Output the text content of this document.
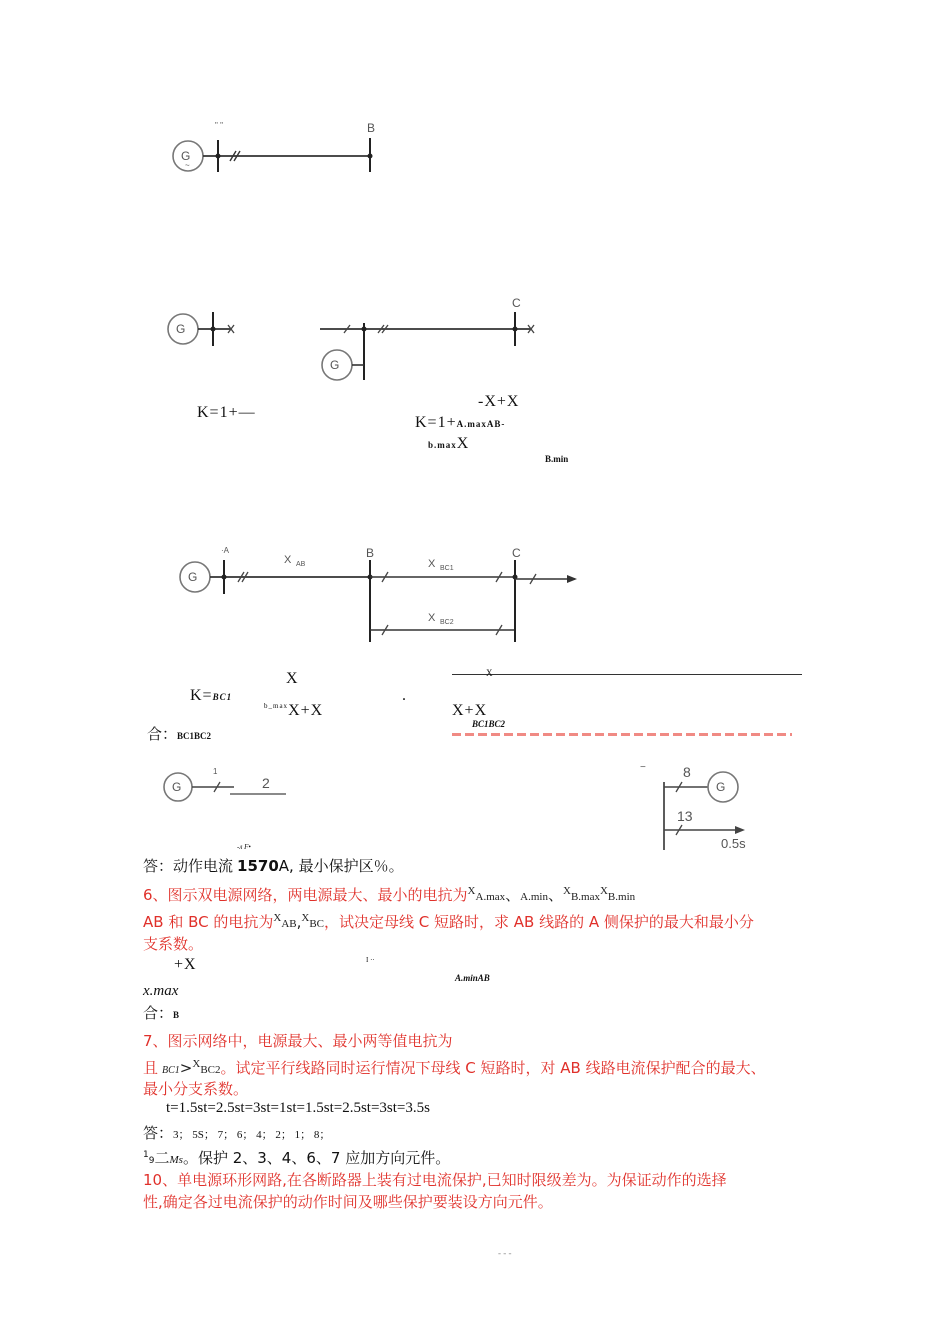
G
~
" "	B
G
G
C
K=1+—
-X+X
K=1+A.maxAB-
b.maxX
B.min
G
·A	B	C
X AB	X BC1
X BC2
X
X
K=BC1	.
$^{b\_max}$X+X	X+X
BC1BC2
合：BC1BC2
G
1
2
−
G
8
13
0.5s
-л F•
答：动作电流 1570A, 最小保护区％。
6、图示双电源网络，两电源最大、最小的电抗为$^X$A.max、A.min、$^XB.\max^XB.\min$
AB 和 BC 的电抗为$^X$AB,$^X$BC，试决定母线 C 短路时，求 AB 线路的 A 侧保护的最大和最小分
支系数。
+X	I ··
A.minAB
x.max
合：B
7、图示网络中，电源最大、最小两等值电抗为
且BC1>$^X$BC2。试定平行线路同时运行情况下母线 C 短路时，对 AB 线路电流保护配合的最大、
最小分支系数。
t=1.5st=2.5st=3st=1st=1.5st=2.5st=3st=3.5s
答：3； 5S； 7； 6； 4； 2； 1； 8；
$^1$9二Ms。保护 2、3、4、6、7 应加方向元件。
10、单电源环形网路,在各断路器上装有过电流保护,已知时限级差为。为保证动作的选择
性,确定各过电流保护的动作时间及哪些保护要装设方向元件。
- - -
